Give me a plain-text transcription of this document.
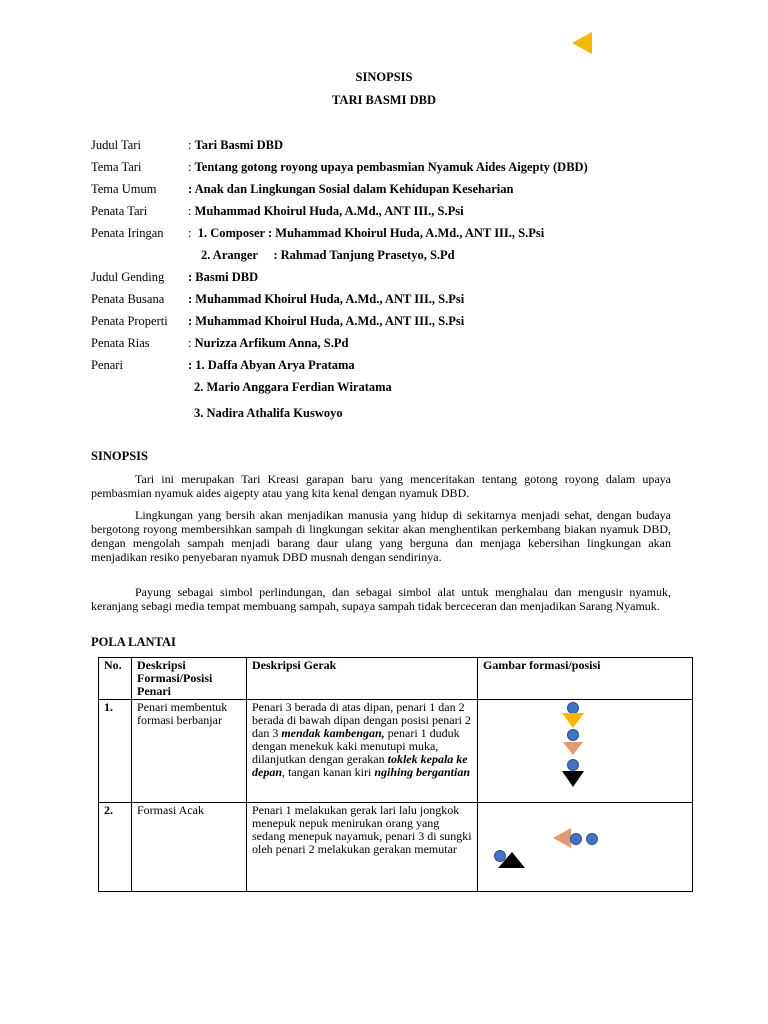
SINOPSIS
TARI BASMI DBD
Judul Tari	: Tari Basmi DBD
Tema Tari	: Tentang gotong royong upaya pembasmian Nyamuk Aides Aigepty (DBD)
Tema Umum	: Anak dan Lingkungan Sosial dalam Kehidupan Keseharian
Penata Tari	: Muhammad Khoirul Huda, A.Md., ANT III., S.Psi
Penata Iringan :  1. Composer : Muhammad Khoirul Huda, A.Md., ANT III., S.Psi
2. Aranger     : Rahmad Tanjung Prasetyo, S.Pd
Judul Gending : Basmi DBD
Penata Busana : Muhammad Khoirul Huda, A.Md., ANT III., S.Psi
Penata Properti : Muhammad Khoirul Huda, A.Md., ANT III., S.Psi
Penata Rias	: Nurizza Arfikum Anna, S.Pd
Penari	: 1. Daffa Abyan Arya Pratama
2. Mario Anggara Ferdian Wiratama
3. Nadira Athalifa Kuswoyo
SINOPSIS
Tari ini merupakan Tari Kreasi garapan baru yang menceritakan tentang gotong royong dalam upaya pembasmian nyamuk aides aigepty atau yang kita kenal dengan nyamuk DBD.
Lingkungan yang bersih akan menjadikan manusia yang hidup di sekitarnya menjadi sehat, dengan budaya bergotong royong membersihkan sampah di lingkungan sekitar akan menghentikan perkembang biakan nyamuk DBD, dengan mengolah sampah menjadi barang daur ulang yang berguna dan menjaga kebersihan lingkungan akan menjadikan resiko penyebaran nyamuk DBD musnah dengan sendirinya.
Payung sebagai simbol perlindungan, dan sebagai simbol alat untuk menghalau dan mengusir nyamuk, keranjang sebagi media tempat membuang sampah, supaya sampah tidak berceceran dan menjadikan Sarang Nyamuk.
POLA LANTAI
No.	Deskripsi Formasi/Posisi Penari	Deskripsi Gerak	Gambar formasi/posisi
1.	Penari membentuk formasi berbanjar	Penari 3 berada di atas dipan, penari 1 dan 2 berada di bawah dipan dengan posisi penari 2 dan 3 mendak kambengan, penari 1 duduk dengan menekuk kaki menutupi muka, dilanjutkan dengan gerakan toklek kepala ke depan, tangan kanan kiri ngihing bergantian	

2.	Formasi Acak	Penari 1 melakukan gerak lari lalu jongkok menepuk nepuk menirukan orang yang sedang menepuk nayamuk, penari 3 di sungki oleh penari 2 melakukan gerakan memutar	
